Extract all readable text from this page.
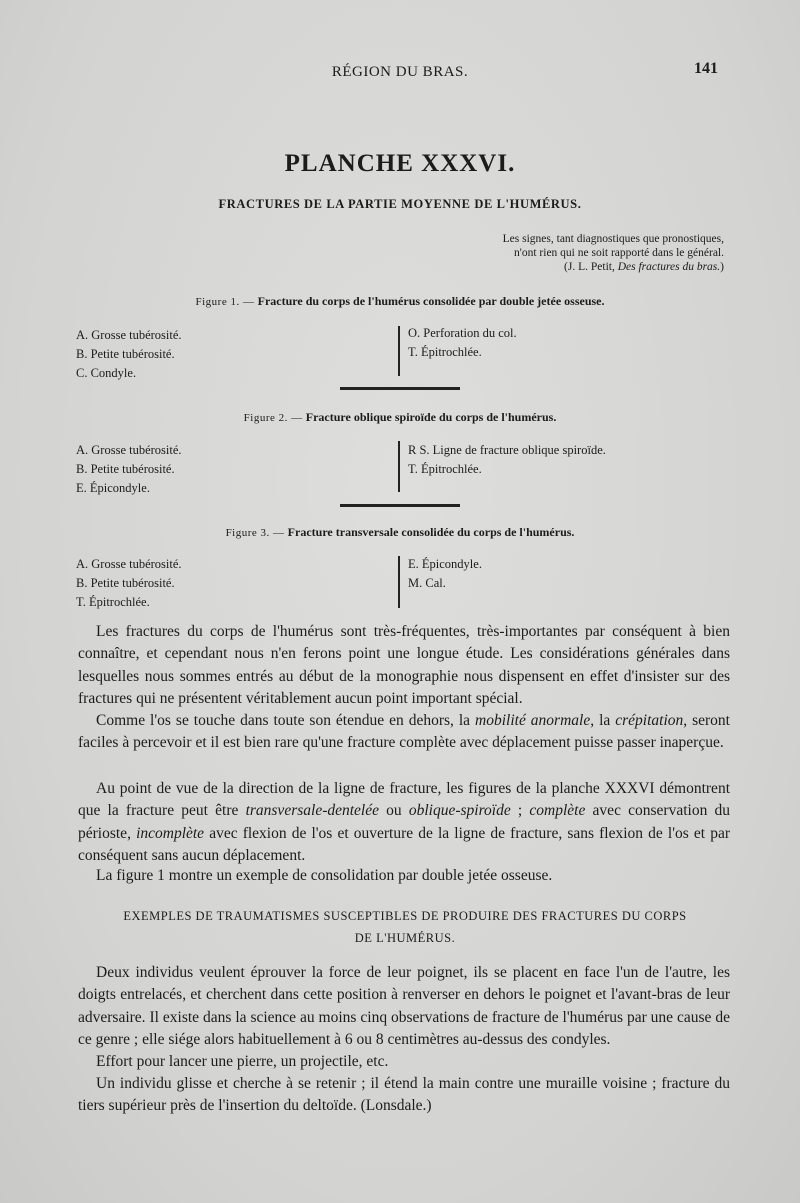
RÉGION DU BRAS.	141
PLANCHE XXXVI.
FRACTURES DE LA PARTIE MOYENNE DE L'HUMÉRUS.
Les signes, tant diagnostiques que pronostiques,
n'ont rien qui ne soit rapporté dans le général.
(J. L. Petit, Des fractures du bras.)
Figure 1. — Fracture du corps de l'humérus consolidée par double jetée osseuse.
A. Grosse tubérosité.
B. Petite tubérosité.
C. Condyle.
O. Perforation du col.
T. Épitrochlée.
Figure 2. — Fracture oblique spiroïde du corps de l'humérus.
A. Grosse tubérosité.
B. Petite tubérosité.
E. Épicondyle.
R S. Ligne de fracture oblique spiroïde.
T. Épitrochlée.
Figure 3. — Fracture transversale consolidée du corps de l'humérus.
A. Grosse tubérosité.
B. Petite tubérosité.
T. Épitrochlée.
E. Épicondyle.
M. Cal.
Les fractures du corps de l'humérus sont très-fréquentes, très-importantes par conséquent à bien connaître, et cependant nous n'en ferons point une longue étude. Les considérations générales dans lesquelles nous sommes entrés au début de la monographie nous dispensent en effet d'insister sur des fractures qui ne présentent véritablement aucun point important spécial.
Comme l'os se touche dans toute son étendue en dehors, la mobilité anormale, la crépitation, seront faciles à percevoir et il est bien rare qu'une fracture complète avec déplacement puisse passer inaperçue.
Au point de vue de la direction de la ligne de fracture, les figures de la planche XXXVI démontrent que la fracture peut être transversale-dentelée ou oblique-spiroïde ; complète avec conservation du périoste, incomplète avec flexion de l'os et ouverture de la ligne de fracture, sans flexion de l'os et par conséquent sans aucun déplacement.
La figure 1 montre un exemple de consolidation par double jetée osseuse.
EXEMPLES DE TRAUMATISMES SUSCEPTIBLES DE PRODUIRE DES FRACTURES DU CORPS
DE L'HUMÉRUS.
Deux individus veulent éprouver la force de leur poignet, ils se placent en face l'un de l'autre, les doigts entrelacés, et cherchent dans cette position à renverser en dehors le poignet et l'avant-bras de leur adversaire. Il existe dans la science au moins cinq observations de fracture de l'humérus par une cause de ce genre ; elle siége alors habituellement à 6 ou 8 centimètres au-dessus des condyles.
Effort pour lancer une pierre, un projectile, etc.
Un individu glisse et cherche à se retenir ; il étend la main contre une muraille voisine ; fracture du tiers supérieur près de l'insertion du deltoïde. (Lonsdale.)
